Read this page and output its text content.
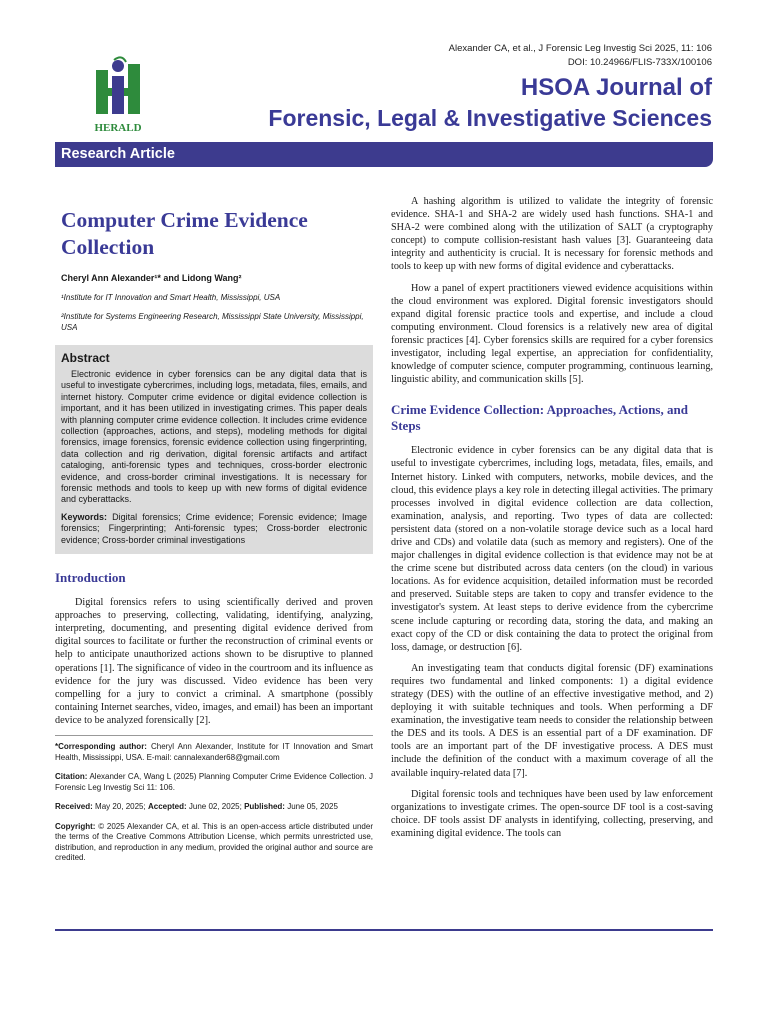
Alexander CA, et al., J Forensic Leg Investig Sci 2025, 11: 106
DOI: 10.24966/FLIS-733X/100106
HERALD
HSOA Journal of
Forensic, Legal & Investigative Sciences
Research Article
Computer Crime Evidence Collection
Cheryl Ann Alexander¹* and Lidong Wang²
¹Institute for IT Innovation and Smart Health, Mississippi, USA
²Institute for Systems Engineering Research, Mississippi State University, Mississippi, USA
Abstract

Electronic evidence in cyber forensics can be any digital data that is useful to investigate cybercrimes, including logs, metadata, files, emails, and internet history. Computer crime evidence or digital evidence collection is important, and it has been utilized in investigating crimes. This paper deals with planning computer crime evidence collection. It includes crime evidence collection (approaches, actions, and steps), modeling methods for digital forensics, image forensics, forensic evidence collection using fingerprinting, data collection and rig derivation, digital forensic artifacts and artifact cataloging, anti-forensic types and techniques, cross-border electronic evidence, and cross-border criminal investigations. It is necessary for forensic methods and tools to keep up with new forms of digital evidence and cyberattacks.

Keywords: Digital forensics; Crime evidence; Forensic evidence; Image forensics; Fingerprinting; Anti-forensic types; Cross-border electronic evidence; Cross-border criminal investigations

Introduction

Digital forensics refers to using scientifically derived and proven approaches to preserving, collecting, validating, identifying, analyzing, interpreting, documenting, and presenting digital evidence derived from digital sources to facilitate or further the reconstruction of criminal events or help to anticipate unauthorized actions shown to be disruptive to planned operations [1]. The significance of video in the courtroom and its influence as evidence for the jury was discussed. Video evidence has been very compelling for a jury to convict a criminal. A smartphone (possibly containing Internet searches, video, images, and email) has been an important device to be analyzed forensically [2].

*Corresponding author: Cheryl Ann Alexander, Institute for IT Innovation and Smart Health, Mississippi, USA. E-mail: cannalexander68@gmail.com

Citation: Alexander CA, Wang L (2025) Planning Computer Crime Evidence Collection. J Forensic Leg Investig Sci 11: 106.

Received: May 20, 2025; Accepted: June 02, 2025; Published: June 05, 2025

Copyright: © 2025 Alexander CA, et al. This is an open-access article distributed under the terms of the Creative Commons Attribution License, which permits unrestricted use, distribution, and reproduction in any medium, provided the original author and source are credited.

A hashing algorithm is utilized to validate the integrity of forensic evidence. SHA-1 and SHA-2 are widely used hash functions. SHA-1 and SHA-2 were combined along with the utilization of SALT (a cryptography concept) to compute collision-resistant hash values [3]. Guaranteeing data integrity and authenticity is crucial. It is necessary for forensic methods and tools to keep up with new forms of digital evidence and cyberattacks.

How a panel of expert practitioners viewed evidence acquisitions within the cloud environment was explored. Digital forensic investigators should expand digital forensic practice tools and expertise, and include a cloud computing environment. Cloud forensics is a relatively new area of digital forensic practices [4]. Cyber forensics skills are required for a cyber forensics investigator, including legal expertise, an appreciation for confidentiality, knowledge of computer science, computer programming, continuous learning, linguistic ability, and communication skills [5].

Crime Evidence Collection: Approaches, Actions, and Steps

Electronic evidence in cyber forensics can be any digital data that is useful to investigate cybercrimes, including logs, metadata, files, emails, and Internet history. Linked with computers, networks, mobile devices, and the cloud, this evidence plays a key role in detecting illegal activities. The primary processes involved in digital evidence collection are data collection, examination, analysis, and reporting. Two types of data are collected: persistent data (stored on a non-volatile storage device such as a local hard drive and CDs) and volatile data (such as memory and registers). One of the major challenges in digital evidence collection is that evidence may not be at the crime scene but distributed across data centers (on the cloud) in various locations. As for evidence acquisition, detailed information must be recorded and preserved. Suitable steps are taken to copy and transfer evidence to the investigator's system. At least steps to derive evidence from the cybercrime scene include capturing or recording data, storing the data, and making an exact copy of the CD or disk containing the data to protect the original from loss, damage, or destruction [6].

An investigating team that conducts digital forensic (DF) examinations requires two fundamental and linked components: 1) a digital evidence strategy (DES) with the outline of an effective investigative method, and 2) deploying it with suitable techniques and tools. When performing a DF examination, the investigative team needs to consider the relationship between the DES and its tools. A DES is an essential part of a DF examination. DF tools are an important part of the DF investigative process. A DES must include the definition of the conduct with a maximum coverage of all the available inquiry-related data [7].

Digital forensic tools and techniques have been used by law enforcement organizations to investigate crimes. The open-source DF tool is a cost-saving choice. DF tools assist DF analysts in identifying, collecting, preserving, and examining digital evidence. The tools can
